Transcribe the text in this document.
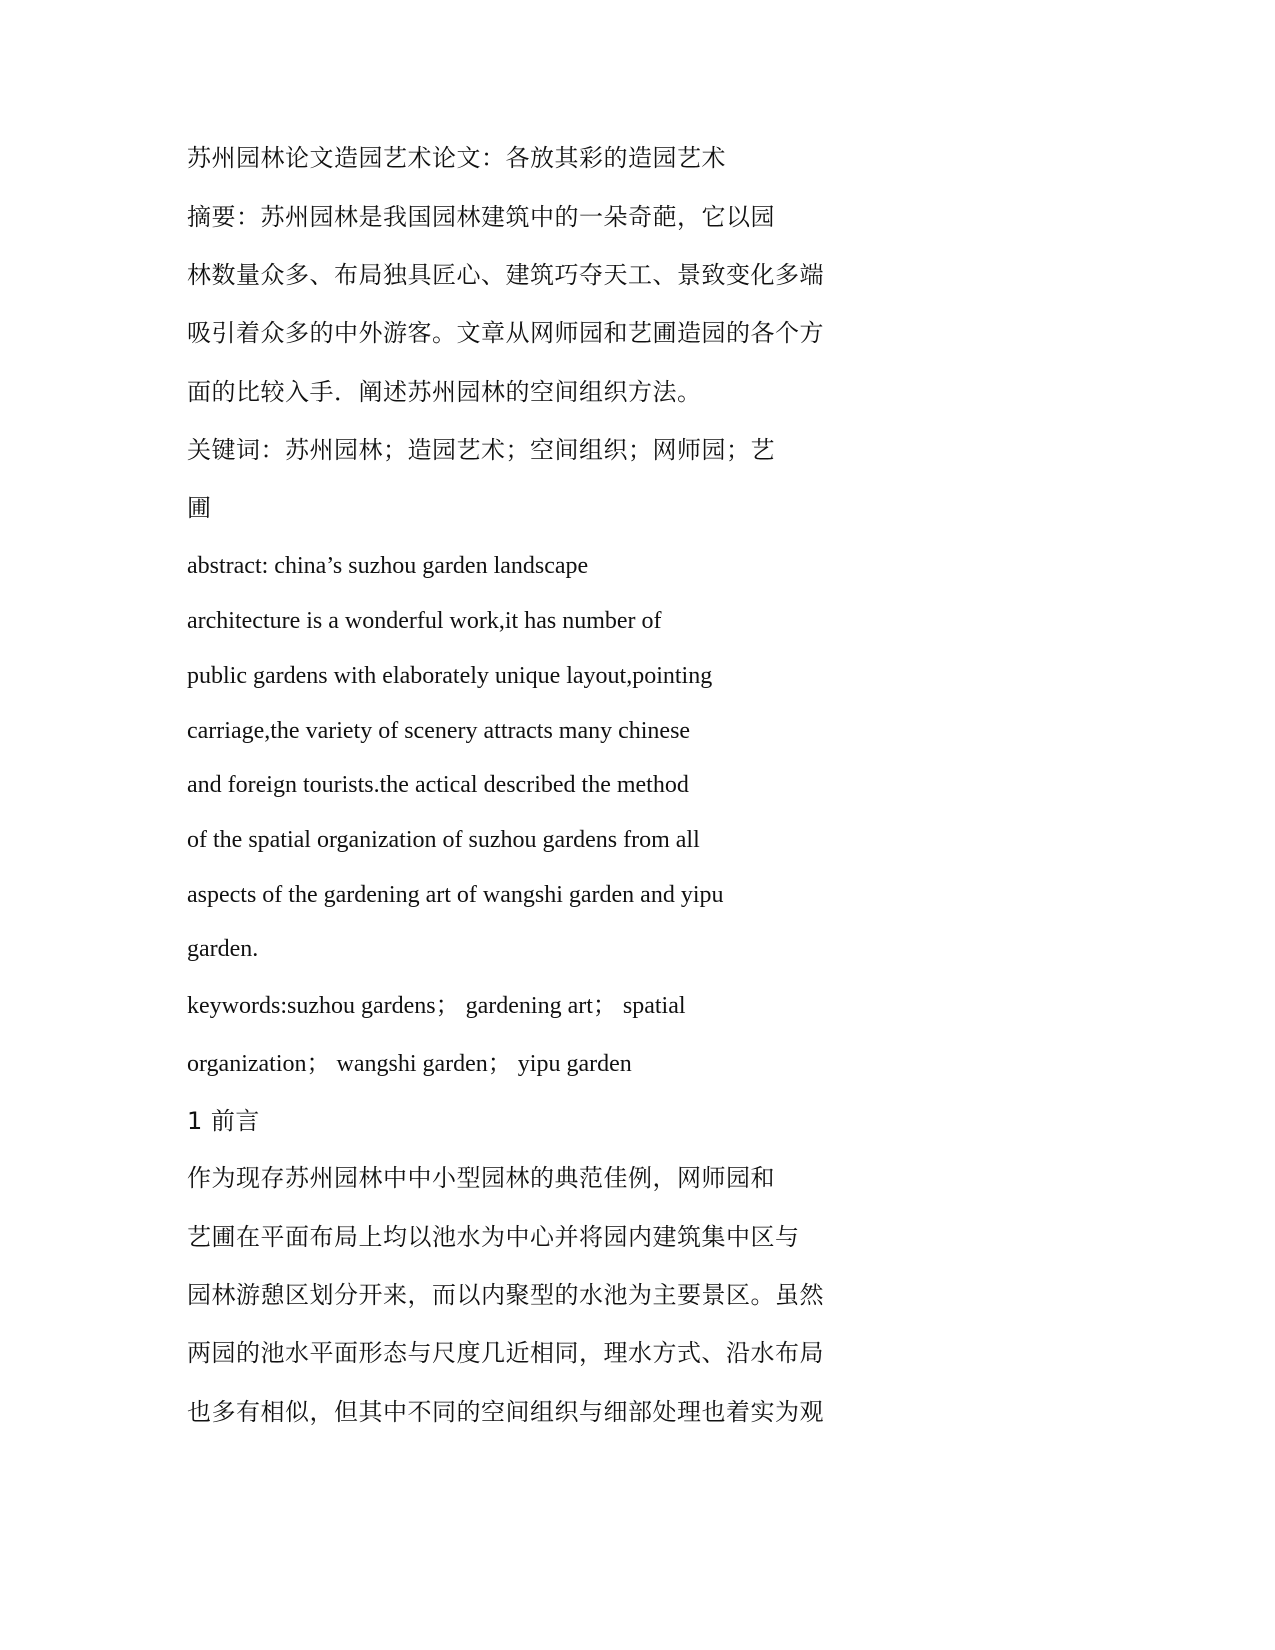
苏州园林论文造园艺术论文：各放其彩的造园艺术

摘要：苏州园林是我国园林建筑中的一朵奇葩，它以园

林数量众多、布局独具匠心、建筑巧夺天工、景致变化多端

吸引着众多的中外游客。文章从网师园和艺圃造园的各个方

面的比较入手．阐述苏州园林的空间组织方法。

关键词：苏州园林；造园艺术；空间组织；网师园；艺

圃

abstract: china’s suzhou garden landscape

architecture is a wonderful work,it has number of

public gardens with elaborately unique layout,pointing

carriage,the variety of scenery attracts many chinese

and foreign tourists.the actical described the method

of the spatial organization of suzhou gardens from all

aspects of the gardening art of wangshi garden and yipu

garden.

keywords:suzhou gardens； gardening art； spatial

organization； wangshi garden； yipu garden

1 前言

作为现存苏州园林中中小型园林的典范佳例，网师园和

艺圃在平面布局上均以池水为中心并将园内建筑集中区与

园林游憩区划分开来，而以内聚型的水池为主要景区。虽然

两园的池水平面形态与尺度几近相同，理水方式、沿水布局

也多有相似，但其中不同的空间组织与细部处理也着实为观
